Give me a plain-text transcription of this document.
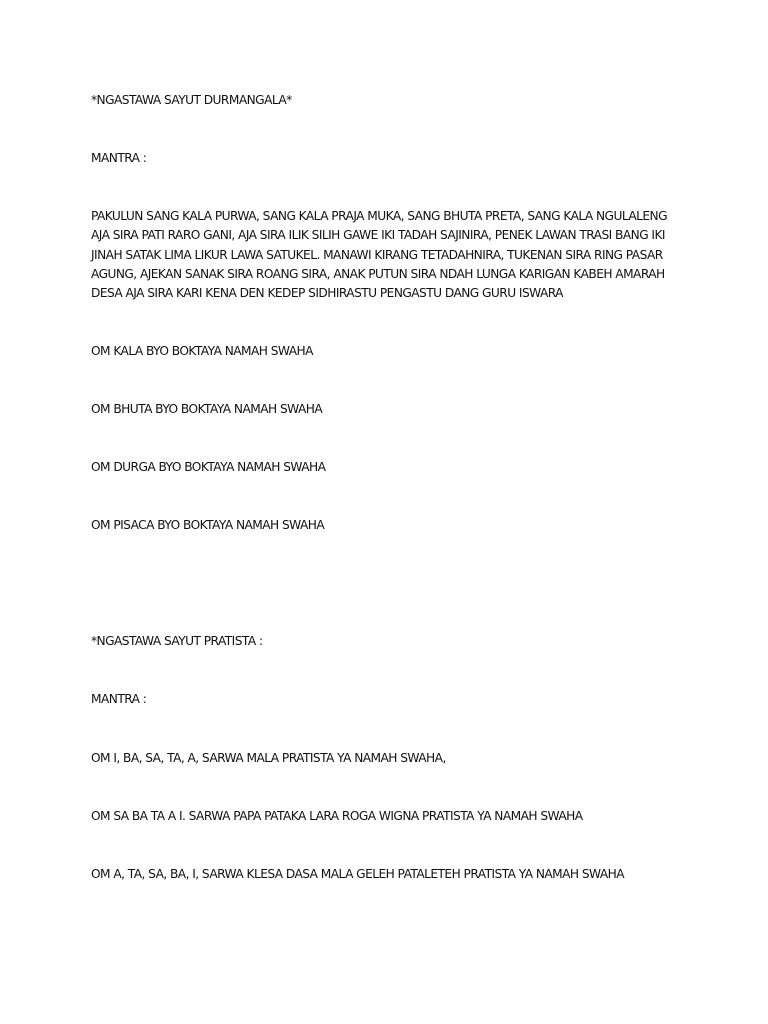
*NGASTAWA SAYUT DURMANGALA*

MANTRA :

PAKULUN SANG KALA PURWA, SANG KALA PRAJA MUKA, SANG BHUTA PRETA, SANG KALA NGULALENG
AJA SIRA PATI RARO GANI, AJA SIRA ILIK SILIH GAWE IKI TADAH SAJINIRA, PENEK LAWAN TRASI BANG IKI
JINAH SATAK LIMA LIKUR LAWA SATUKEL. MANAWI KIRANG TETADAHNIRA, TUKENAN SIRA RING PASAR
AGUNG, AJEKAN SANAK SIRA ROANG SIRA, ANAK PUTUN SIRA NDAH LUNGA KARIGAN KABEH AMARAH
DESA AJA SIRA KARI KENA DEN KEDEP SIDHIRASTU PENGASTU DANG GURU ISWARA

OM KALA BYO BOKTAYA NAMAH SWAHA

OM BHUTA BYO BOKTAYA NAMAH SWAHA

OM DURGA BYO BOKTAYA NAMAH SWAHA

OM PISACA BYO BOKTAYA NAMAH SWAHA

*NGASTAWA SAYUT PRATISTA :

MANTRA :

OM I, BA, SA, TA, A, SARWA MALA PRATISTA YA NAMAH SWAHA,

OM SA BA TA A I. SARWA PAPA PATAKA LARA ROGA WIGNA PRATISTA YA NAMAH SWAHA

OM A, TA, SA, BA, I, SARWA KLESA DASA MALA GELEH PATALETEH PRATISTA YA NAMAH SWAHA
